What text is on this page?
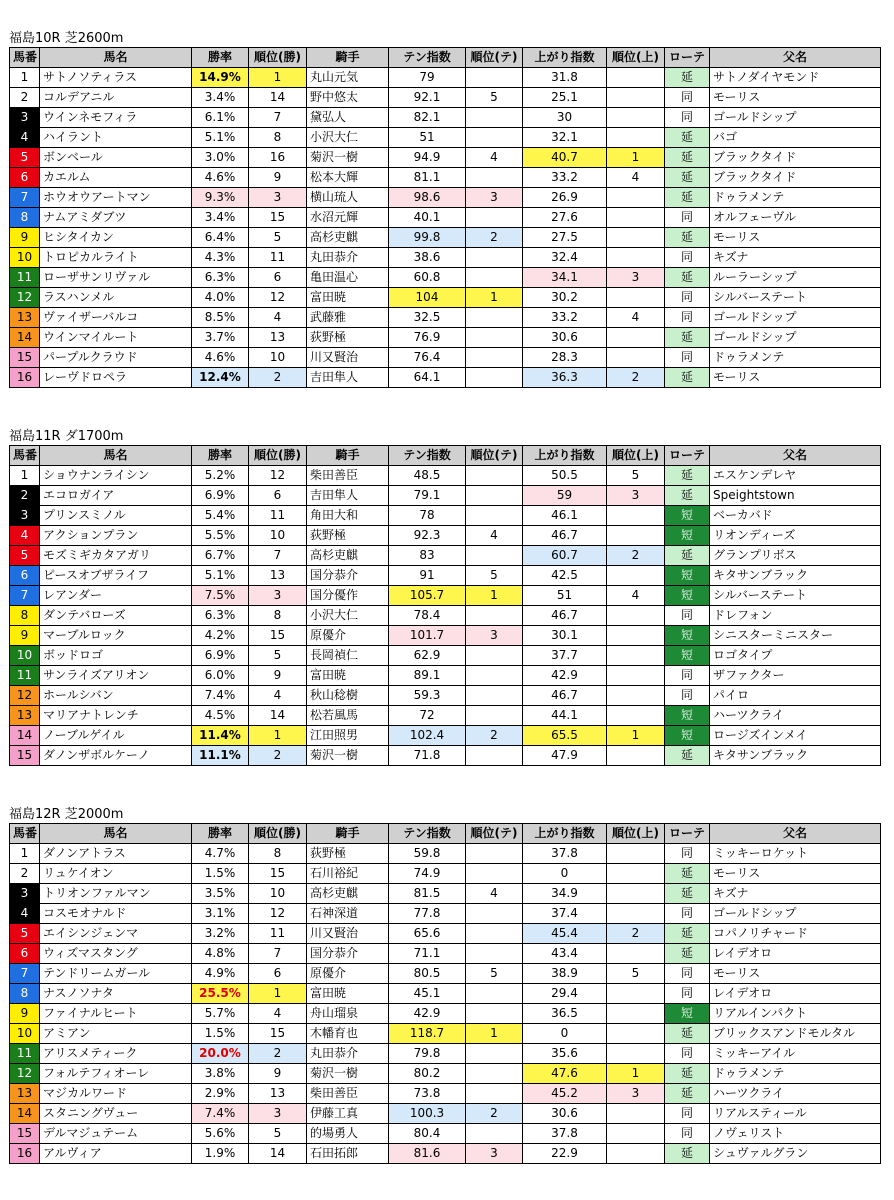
福島10R 芝2600m
馬番	馬名	勝率	順位(勝)	騎手	テン指数	順位(テ)	上がり指数	順位(上)	ローテ	父名
1	サトノソティラス	14.9%	1	丸山元気	79		31.8		延	サトノダイヤモンド
2	コルデアニル	3.4%	14	野中悠太	92.1	5	25.1		同	モーリス
3	ウインネモフィラ	6.1%	7	黛弘人	82.1		30		同	ゴールドシップ
4	ハイラント	5.1%	8	小沢大仁	51		32.1		延	バゴ
5	ボンベール	3.0%	16	菊沢一樹	94.9	4	40.7	1	延	ブラックタイド
6	カエルム	4.6%	9	松本大輝	81.1		33.2	4	延	ブラックタイド
7	ホウオウアートマン	9.3%	3	横山琉人	98.6	3	26.9		延	ドゥラメンテ
8	ナムアミダブツ	3.4%	15	水沼元輝	40.1		27.6		同	オルフェーヴル
9	ヒシタイカン	6.4%	5	高杉吏麒	99.8	2	27.5		延	モーリス
10	トロピカルライト	4.3%	11	丸田恭介	38.6		32.4		同	キズナ
11	ローザサンリヴァル	6.3%	6	亀田温心	60.8		34.1	3	延	ルーラーシップ
12	ラスハンメル	4.0%	12	富田暁	104	1	30.2		同	シルバーステート
13	ヴァイザーバルコ	8.5%	4	武藤雅	32.5		33.2	4	同	ゴールドシップ
14	ウインマイルート	3.7%	13	荻野極	76.9		30.6		延	ゴールドシップ
15	パープルクラウド	4.6%	10	川又賢治	76.4		28.3		同	ドゥラメンテ
16	レーヴドロペラ	12.4%	2	吉田隼人	64.1		36.3	2	延	モーリス
福島11R ダ1700m
馬番	馬名	勝率	順位(勝)	騎手	テン指数	順位(テ)	上がり指数	順位(上)	ローテ	父名
1	ショウナンライシン	5.2%	12	柴田善臣	48.5		50.5	5	延	エスケンデレヤ
2	エコロガイア	6.9%	6	吉田隼人	79.1		59	3	延	Speightstown
3	プリンスミノル	5.4%	11	角田大和	78		46.1		短	ベーカバド
4	アクションプラン	5.5%	10	荻野極	92.3	4	46.7		短	リオンディーズ
5	モズミギカタアガリ	6.7%	7	高杉吏麒	83		60.7	2	延	グランプリボス
6	ピースオブザライフ	5.1%	13	国分恭介	91	5	42.5		短	キタサンブラック
7	レアンダー	7.5%	3	国分優作	105.7	1	51	4	短	シルバーステート
8	ダンテバローズ	6.3%	8	小沢大仁	78.4		46.7		同	ドレフォン
9	マーブルロック	4.2%	15	原優介	101.7	3	30.1		短	シニスターミニスター
10	ボッドロゴ	6.9%	5	長岡禎仁	62.9		37.7		短	ロゴタイプ
11	サンライズアリオン	6.0%	9	富田暁	89.1		42.9		同	ザファクター
12	ホールシバン	7.4%	4	秋山稔樹	59.3		46.7		同	パイロ
13	マリアナトレンチ	4.5%	14	松若風馬	72		44.1		短	ハーツクライ
14	ノーブルゲイル	11.4%	1	江田照男	102.4	2	65.5	1	短	ロージズインメイ
15	ダノンザボルケーノ	11.1%	2	菊沢一樹	71.8		47.9		延	キタサンブラック
福島12R 芝2000m
馬番	馬名	勝率	順位(勝)	騎手	テン指数	順位(テ)	上がり指数	順位(上)	ローテ	父名
1	ダノンアトラス	4.7%	8	荻野極	59.8		37.8		同	ミッキーロケット
2	リュケイオン	1.5%	15	石川裕紀	74.9		0		延	モーリス
3	トリオンファルマン	3.5%	10	高杉吏麒	81.5	4	34.9		延	キズナ
4	コスモオナルド	3.1%	12	石神深道	77.8		37.4		同	ゴールドシップ
5	エイシンジェンマ	3.2%	11	川又賢治	65.6		45.4	2	延	コパノリチャード
6	ウィズマスタング	4.8%	7	国分恭介	71.1		43.4		延	レイデオロ
7	テンドリームガール	4.9%	6	原優介	80.5	5	38.9	5	同	モーリス
8	ナスノソナタ	25.5%	1	富田暁	45.1		29.4		同	レイデオロ
9	ファイナルヒート	5.7%	4	舟山瑠泉	42.9		36.5		短	リアルインパクト
10	アミアン	1.5%	15	木幡育也	118.7	1	0		延	ブリックスアンドモルタル
11	アリスメティーク	20.0%	2	丸田恭介	79.8		35.6		同	ミッキーアイル
12	フォルテフィオーレ	3.8%	9	菊沢一樹	80.2		47.6	1	延	ドゥラメンテ
13	マジカルワード	2.9%	13	柴田善臣	73.8		45.2	3	延	ハーツクライ
14	スタニングヴュー	7.4%	3	伊藤工真	100.3	2	30.6		同	リアルスティール
15	デルマジュテーム	5.6%	5	的場勇人	80.4		37.8		同	ノヴェリスト
16	アルヴィア	1.9%	14	石田拓郎	81.6	3	22.9		延	シュヴァルグラン
